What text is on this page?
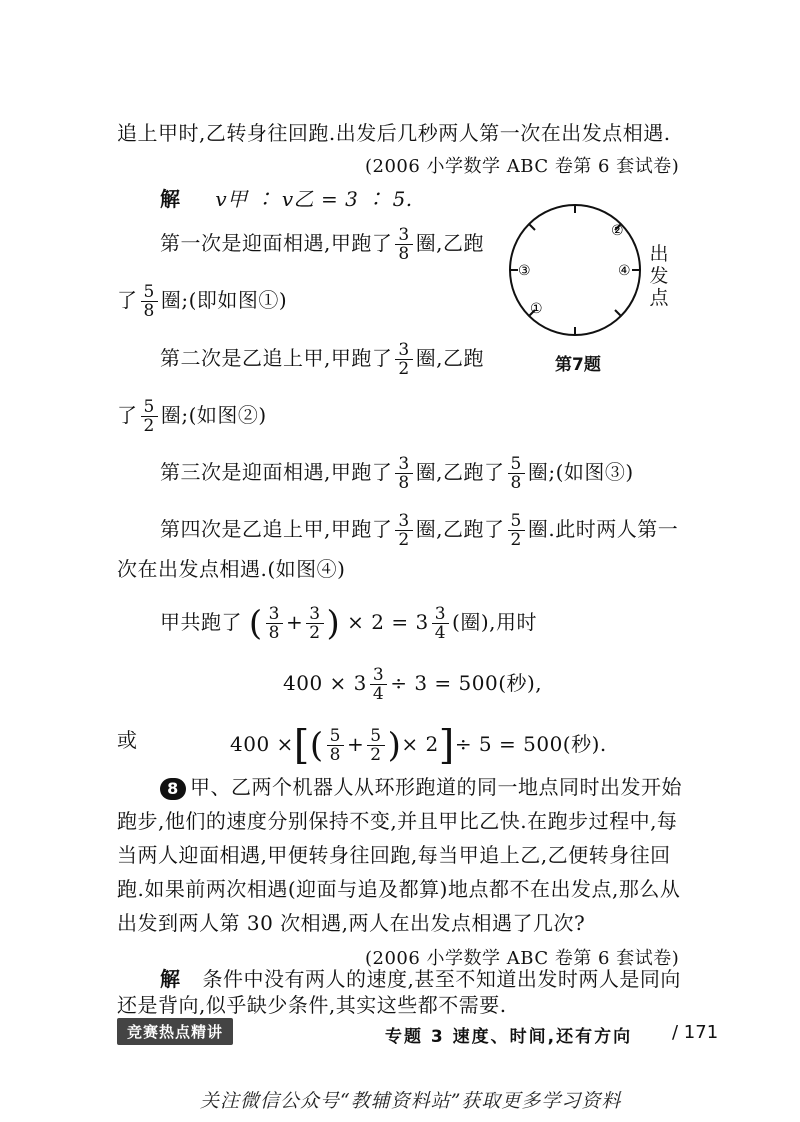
追上甲时,乙转身往回跑.出发后几秒两人第一次在出发点相遇.
(2006 小学数学 ABC 卷第 6 套试卷)
解 v甲 ∶ v乙 = 3 ∶ 5.
第一次是迎面相遇,甲跑了 $\frac{3}{8}$ 圈,乙跑
了 $\frac{5}{8}$ 圈;(即如图①)
第二次是乙追上甲,甲跑了 $\frac{3}{2}$ 圈,乙跑
了 $\frac{5}{2}$ 圈;(如图②)
第三次是迎面相遇,甲跑了 $\frac{3}{8}$ 圈,乙跑了 $\frac{5}{8}$ 圈;(如图③)
第四次是乙追上甲,甲跑了 $\frac{3}{2}$ 圈,乙跑了 $\frac{5}{2}$ 圈.此时两人第一
次在出发点相遇.(如图④)
甲共跑了 ( $\frac{3}{8} + \frac{3}{2}$ ) × $2 = 3 \frac{3}{4}$ (圈),用时
$400 \times 3 \frac{3}{4} \div 3 = 500$(秒),
或	400 ×[( $\frac{5}{8} + \frac{5}{2}$ )× 2]÷ 5 = 500(秒).
8 甲、乙两个机器人从环形跑道的同一地点同时出发开始
跑步,他们的速度分别保持不变,并且甲比乙快.在跑步过程中,每
当两人迎面相遇,甲便转身往回跑,每当甲追上乙,乙便转身往回
跑.如果前两次相遇(迎面与追及都算)地点都不在出发点,那么从
出发到两人第 30 次相遇,两人在出发点相遇了几次?
(2006 小学数学 ABC 卷第 6 套试卷)
解 条件中没有两人的速度,甚至不知道出发时两人是同向
还是背向,似乎缺少条件,其实这些都不需要.
②
③	④
①
出
发
点
第7题
竞赛热点精讲	专题 3 速度、时间,还有方向 / 171
关注微信公众号“教辅资料站”获取更多学习资料
